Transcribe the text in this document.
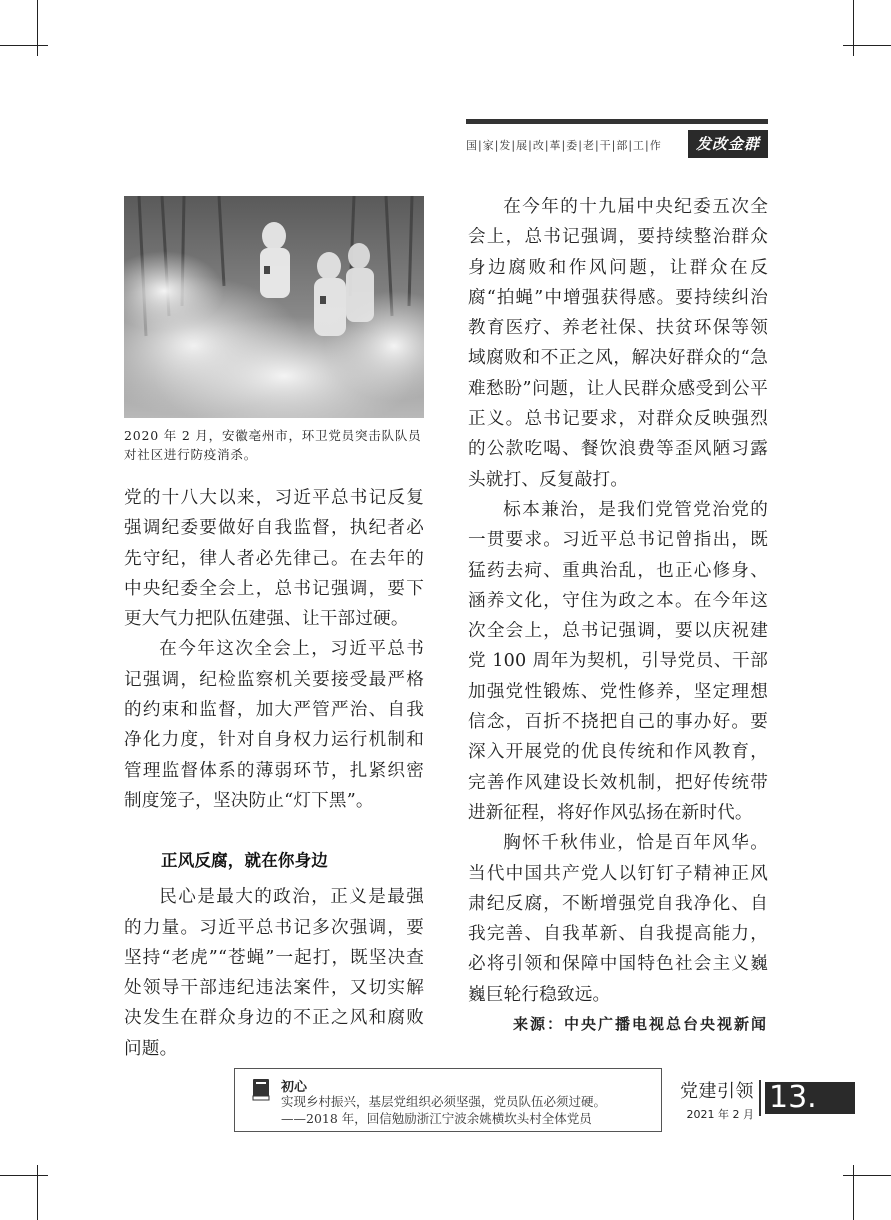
国|家|发|展|改|革|委|老|干|部|工|作	发改金群
2020 年 2 月，安徽亳州市，环卫党员突击队队员对社区进行防疫消杀。

党的十八大以来，习近平总书记反复强调纪委要做好自我监督，执纪者必先守纪，律人者必先律己。在去年的中央纪委全会上，总书记强调，要下更大气力把队伍建强、让干部过硬。

在今年这次全会上，习近平总书记强调，纪检监察机关要接受最严格的约束和监督，加大严管严治、自我净化力度，针对自身权力运行机制和管理监督体系的薄弱环节，扎紧织密制度笼子，坚决防止“灯下黑”。

正风反腐，就在你身边

民心是最大的政治，正义是最强的力量。习近平总书记多次强调，要坚持“老虎”“苍蝇”一起打，既坚决查处领导干部违纪违法案件，又切实解决发生在群众身边的不正之风和腐败问题。

在今年的十九届中央纪委五次全会上，总书记强调，要持续整治群众身边腐败和作风问题，让群众在反腐“拍蝇”中增强获得感。要持续纠治教育医疗、养老社保、扶贫环保等领域腐败和不正之风，解决好群众的“急难愁盼”问题，让人民群众感受到公平正义。总书记要求，对群众反映强烈的公款吃喝、餐饮浪费等歪风陋习露头就打、反复敲打。

标本兼治，是我们党管党治党的一贯要求。习近平总书记曾指出，既猛药去疴、重典治乱，也正心修身、涵养文化，守住为政之本。在今年这次全会上，总书记强调，要以庆祝建党 100 周年为契机，引导党员、干部加强党性锻炼、党性修养，坚定理想信念，百折不挠把自己的事办好。要深入开展党的优良传统和作风教育，完善作风建设长效机制，把好传统带进新征程，将好作风弘扬在新时代。

胸怀千秋伟业，恰是百年风华。当代中国共产党人以钉钉子精神正风肃纪反腐，不断增强党自我净化、自我完善、自我革新、自我提高能力，必将引领和保障中国特色社会主义巍巍巨轮行稳致远。

来源：中央广播电视总台央视新闻
初心
实现乡村振兴，基层党组织必须坚强，党员队伍必须过硬。
——2018 年，回信勉励浙江宁波余姚横坎头村全体党员
党建引领
2021 年 2 月 13.
